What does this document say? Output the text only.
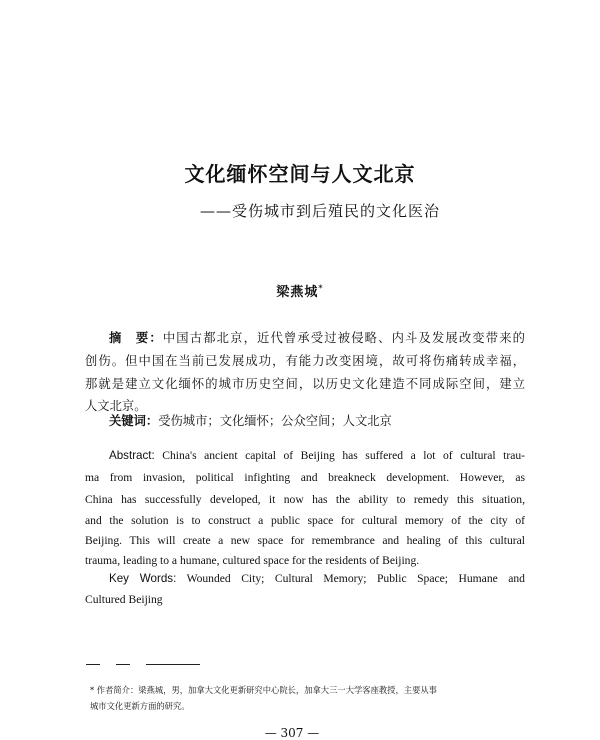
文化缅怀空间与人文北京
——受伤城市到后殖民的文化医治
梁燕城*
摘　要：中国古都北京，近代曾承受过被侵略、内斗及发展改变带来的
创伤。但中国在当前已发展成功，有能力改变困境，故可将伤痛转成幸福，
那就是建立文化缅怀的城市历史空间，以历史文化建造不同成际空间，建立
人文北京。
关键词：受伤城市；文化缅怀；公众空间；人文北京
Abstract: China's ancient capital of Beijing has suffered a lot of cultural trau-
ma from invasion, political infighting and breakneck development. However, as
China has successfully developed, it now has the ability to remedy this situation,
and the solution is to construct a public space for cultural memory of the city of
Beijing. This will create a new space for remembrance and healing of this cultural
trauma, leading to a humane, cultured space for the residents of Beijing.
Key Words: Wounded City; Cultural Memory; Public Space; Humane and
Cultured Beijing
* 作者简介：梁燕城，男，加拿大文化更新研究中心院长，加拿大三一大学客座教授，主要从事
城市文化更新方面的研究。
— 307 —
